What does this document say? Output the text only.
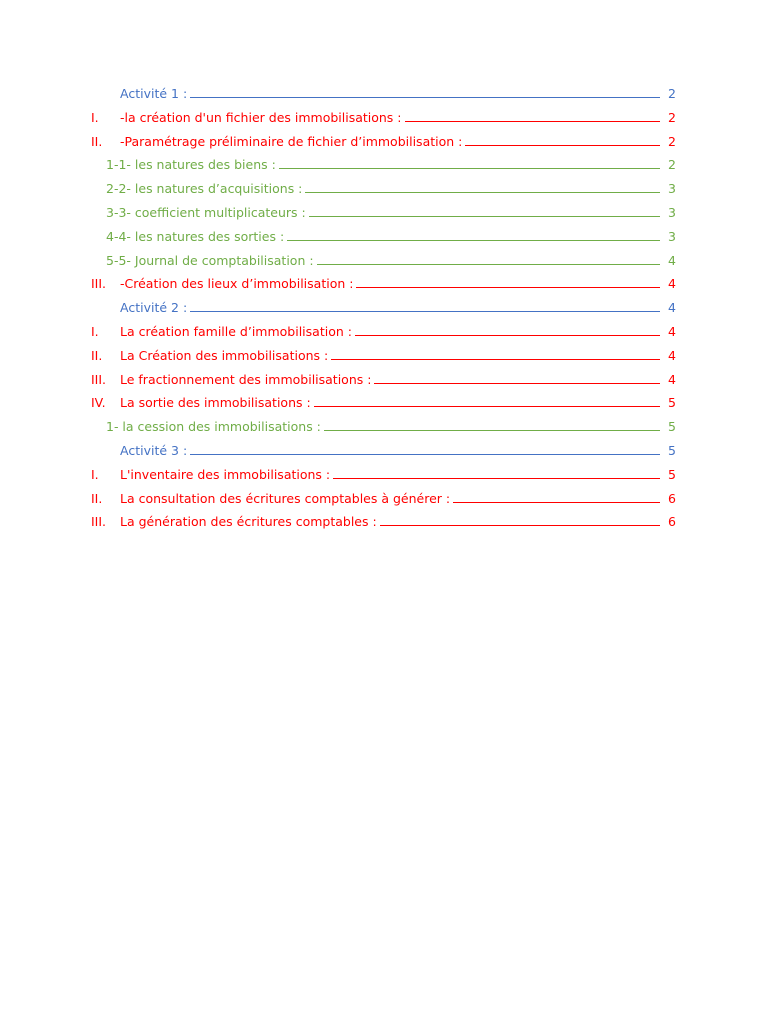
Activité 1 :	2
I. -la création d'un fichier des immobilisations :	2
II. -Paramétrage préliminaire de fichier d’immobilisation :	2
1-1- les natures des biens :	2
2-2- les natures d’acquisitions :	3
3-3- coefficient multiplicateurs :	3
4-4- les natures des sorties :	3
5-5- Journal de comptabilisation :	4
III. -Création des lieux d’immobilisation :	4
Activité 2 :	4
I. La création famille d’immobilisation :	4
II. La Création des immobilisations :	4
III. Le fractionnement des immobilisations :	4
IV. La sortie des immobilisations :	5
1- la cession des immobilisations :	5
Activité 3 :	5
I. L'inventaire des immobilisations :	5
II. La consultation des écritures comptables à générer :	6
III. La génération des écritures comptables :	6
